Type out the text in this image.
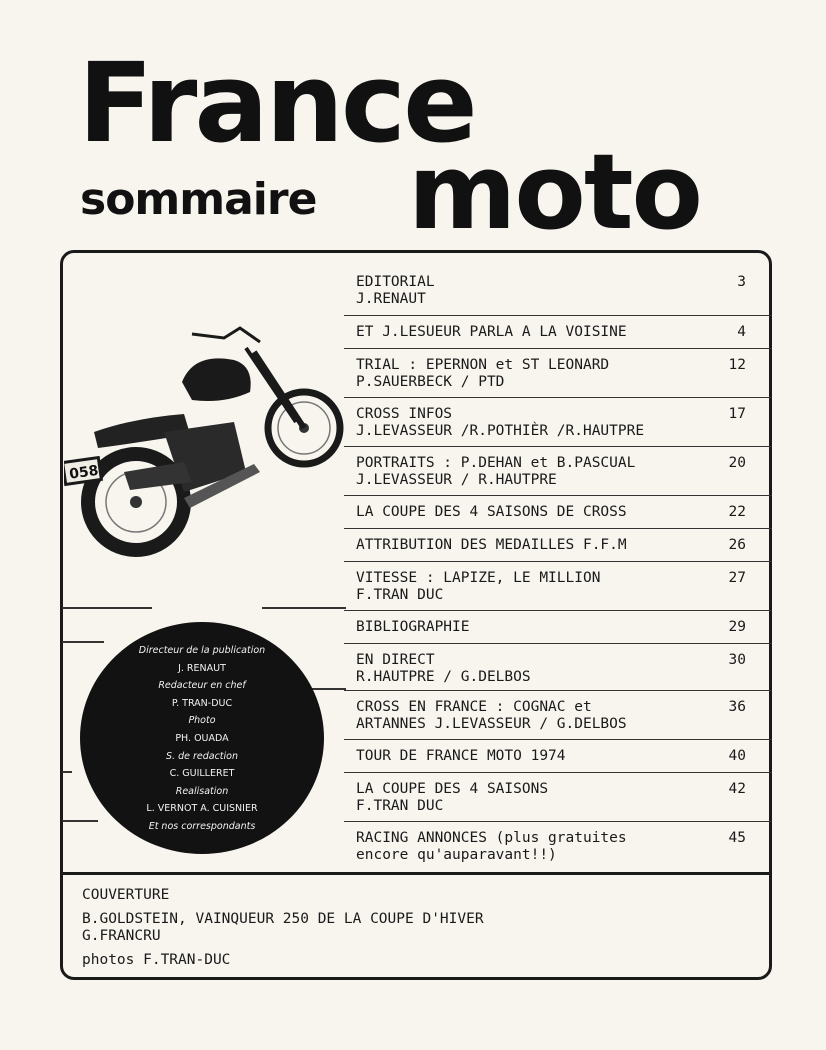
France
sommaire moto
058
EDITORIAL
J.RENAUT
3
ET J.LESUEUR PARLA A LA VOISINE	4
TRIAL : EPERNON et ST LEONARD
P.SAUERBECK / PTD
12
CROSS INFOS
J.LEVASSEUR /R.POTHIÈR /R.HAUTPRE
17
PORTRAITS : P.DEHAN et B.PASCUAL
J.LEVASSEUR / R.HAUTPRE
20
LA COUPE DES 4 SAISONS DE CROSS	22
ATTRIBUTION DES MEDAILLES F.F.M	26
VITESSE : LAPIZE, LE MILLION
F.TRAN DUC
27
BIBLIOGRAPHIE	29
EN DIRECT
R.HAUTPRE / G.DELBOS
30
CROSS EN FRANCE : COGNAC et
ARTANNES J.LEVASSEUR / G.DELBOS
36
TOUR DE FRANCE MOTO 1974	40
LA COUPE DES 4 SAISONS
F.TRAN DUC
42
RACING ANNONCES (plus gratuites
encore qu'auparavant!!)
45
Directeur de la publication
J. RENAUT
Redacteur en chef
P. TRAN-DUC
Photo
PH. OUADA
S. de redaction
C. GUILLERET
Realisation
L. VERNOT A. CUISNIER
Et nos correspondants
COUVERTURE
B.GOLDSTEIN, VAINQUEUR 250 DE LA COUPE D'HIVER
G.FRANCRU
photos F.TRAN-DUC
